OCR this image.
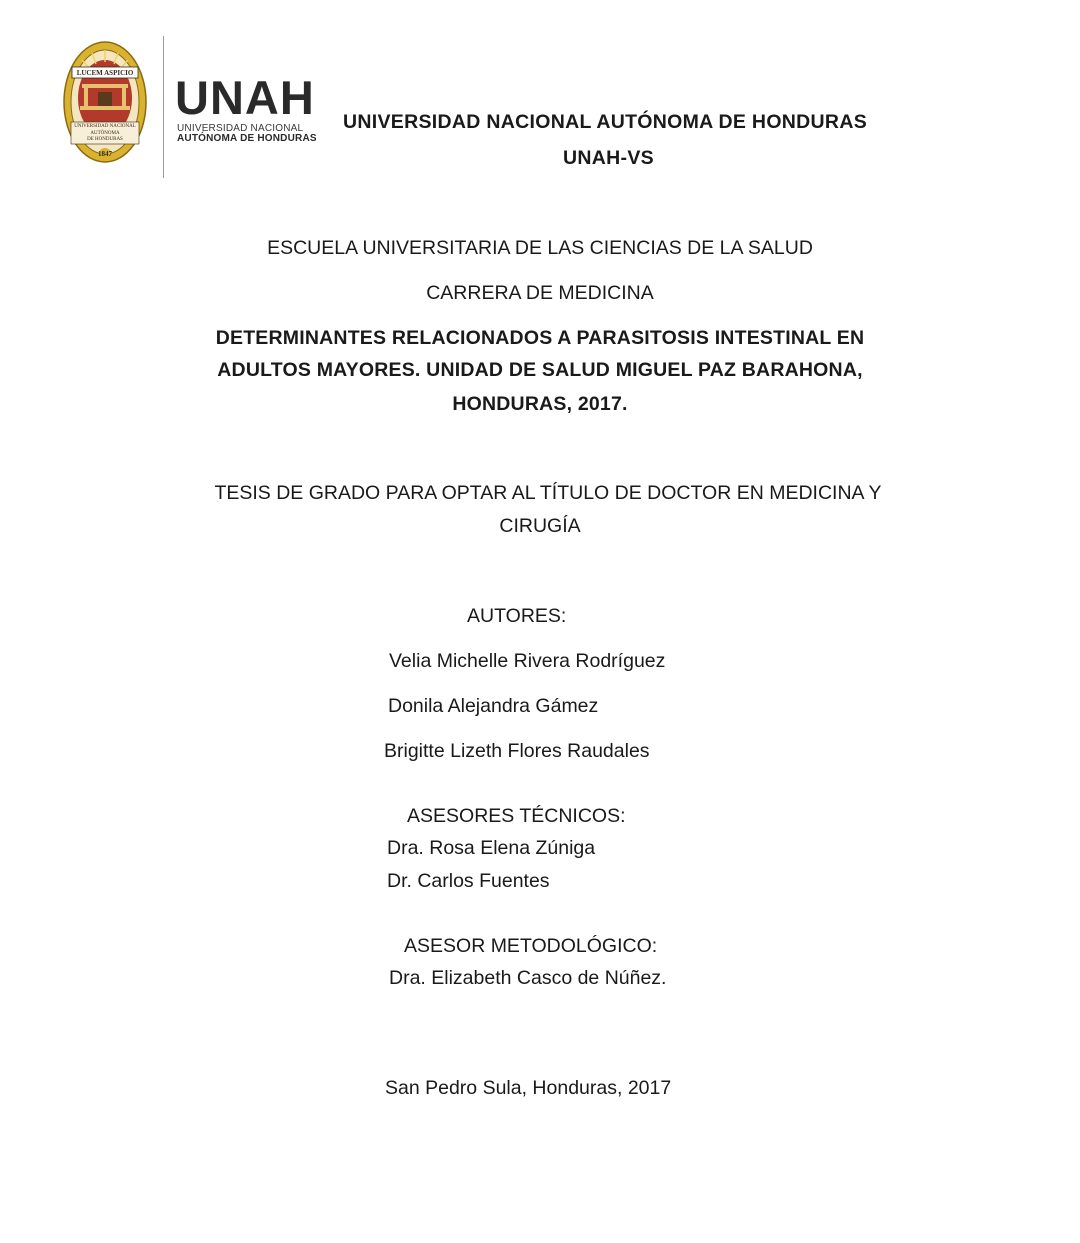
LUCEM ASPICIO
UNIVERSIDAD NACIONAL
AUTÓNOMA
DE HONDURAS
1847
UNAH
UNIVERSIDAD NACIONAL
AUTÓNOMA DE HONDURAS
UNIVERSIDAD NACIONAL AUTÓNOMA DE HONDURAS
UNAH-VS
ESCUELA UNIVERSITARIA DE LAS CIENCIAS DE LA SALUD
CARRERA DE MEDICINA
DETERMINANTES RELACIONADOS A PARASITOSIS INTESTINAL EN
ADULTOS MAYORES. UNIDAD DE SALUD MIGUEL PAZ BARAHONA,
HONDURAS, 2017.
TESIS DE GRADO PARA OPTAR AL TÍTULO DE DOCTOR EN MEDICINA Y
CIRUGÍA
AUTORES:
Velia Michelle Rivera Rodríguez
Donila Alejandra Gámez
Brigitte Lizeth Flores Raudales
ASESORES TÉCNICOS:
Dra. Rosa Elena Zúniga
Dr. Carlos Fuentes
ASESOR METODOLÓGICO:
Dra. Elizabeth Casco de Núñez.
San Pedro Sula, Honduras, 2017
